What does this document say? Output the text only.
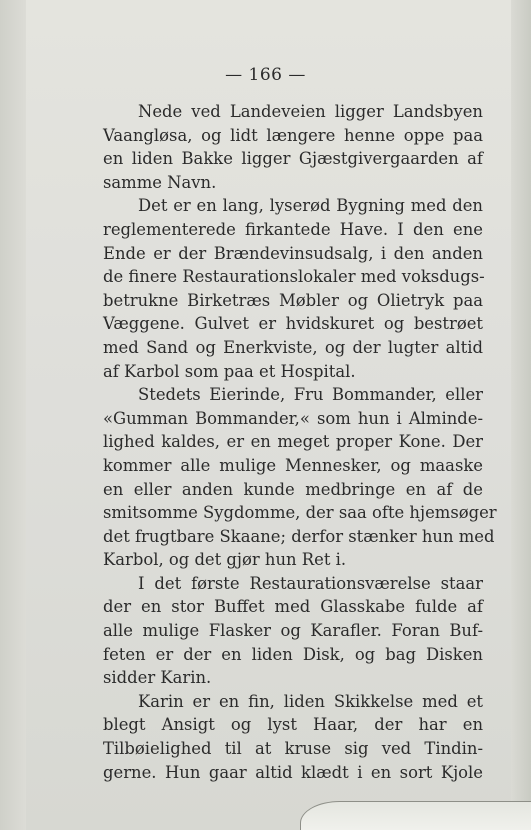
— 166 —
Nede ved Landeveien ligger Landsbyen
Vaangløsa, og lidt længere henne oppe paa
en liden Bakke ligger Gjæstgivergaarden af
samme Navn.
Det er en lang, lyserød Bygning med den
reglementerede firkantede Have. I den ene
Ende er der Brændevinsudsalg, i den anden
de finere Restaurationslokaler med voksdugs-
betrukne Birketræs Møbler og Olietryk paa
Væggene. Gulvet er hvidskuret og bestrøet
med Sand og Enerkviste, og der lugter altid
af Karbol som paa et Hospital.
Stedets Eierinde, Fru Bommander, eller
«Gumman Bommander,« som hun i Alminde-
lighed kaldes, er en meget proper Kone. Der
kommer alle mulige Mennesker, og maaske
en eller anden kunde medbringe en af de
smitsomme Sygdomme, der saa ofte hjemsøger
det frugtbare Skaane; derfor stænker hun med
Karbol, og det gjør hun Ret i.
I det første Restaurationsværelse staar
der en stor Buffet med Glasskabe fulde af
alle mulige Flasker og Karafler. Foran Buf-
feten er der en liden Disk, og bag Disken
sidder Karin.
Karin er en fin, liden Skikkelse med et
blegt Ansigt og lyst Haar, der har en
Tilbøielighed til at kruse sig ved Tindin-
gerne. Hun gaar altid klædt i en sort Kjole
